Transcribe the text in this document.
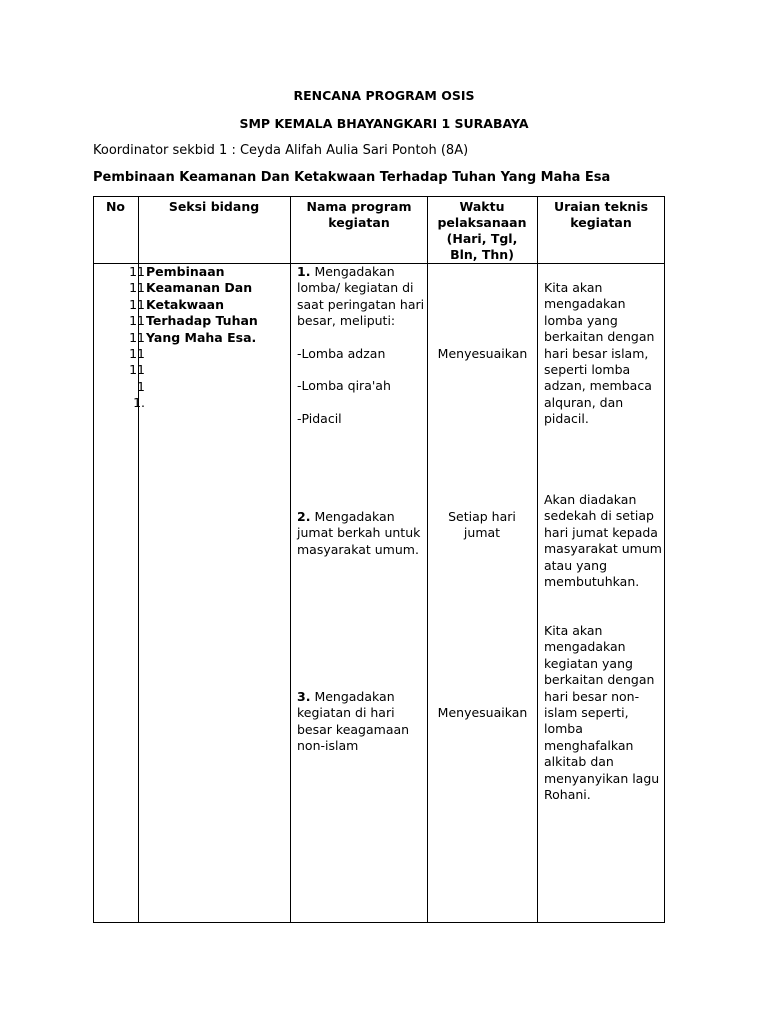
RENCANA PROGRAM OSIS
SMP KEMALA BHAYANGKARI 1 SURABAYA
Koordinator sekbid 1 : Ceyda Alifah Aulia Sari Pontoh (8A)
Pembinaan Keamanan Dan Ketakwaan Terhadap Tuhan Yang Maha Esa
No	Seksi bidang	Nama program kegiatan
Waktu pelaksanaan (Hari, Tgl, Bln, Thn)
Uraian teknis kegiatan
11
11
11
11
11
11
11
1
1.
Pembinaan Keamanan Dan Ketakwaan Terhadap Tuhan Yang Maha Esa.
1. Mengadakan lomba/ kegiatan di saat peringatan hari besar, meliputi:
-Lomba adzan
-Lomba qira'ah
-Pidacil
Menyesuaikan
Kita akan mengadakan lomba yang berkaitan dengan hari besar islam, seperti lomba adzan, membaca alquran, dan pidacil.
2. Mengadakan jumat berkah untuk masyarakat umum.
Setiap hari jumat
Akan diadakan sedekah di setiap hari jumat kepada masyarakat umum atau yang membutuhkan.
3. Mengadakan kegiatan di hari besar keagamaan non-islam
Menyesuaikan
Kita akan mengadakan kegiatan yang berkaitan dengan hari besar non-islam seperti, lomba menghafalkan alkitab dan menyanyikan lagu Rohani.
